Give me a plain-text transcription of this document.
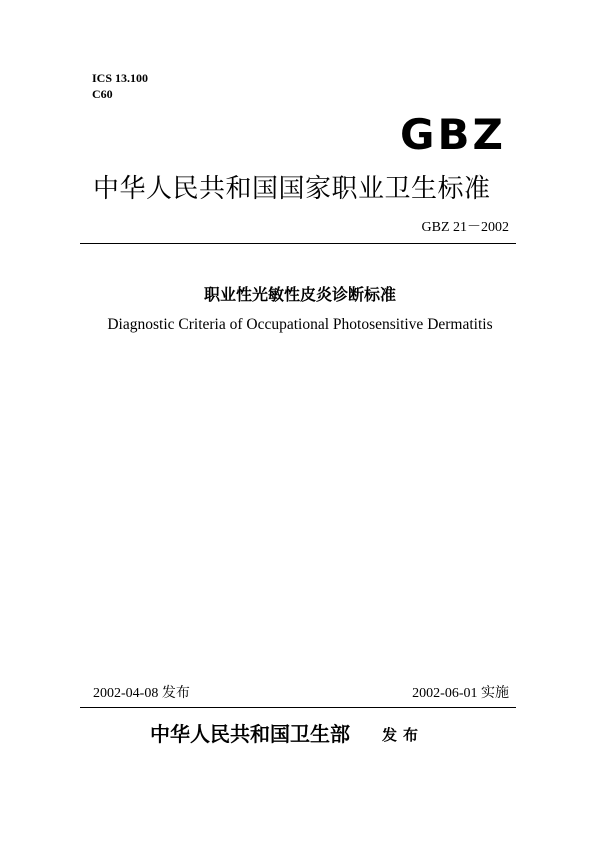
ICS 13.100
C60
GBZ
中华人民共和国国家职业卫生标准
GBZ 21－2002
职业性光敏性皮炎诊断标准
Diagnostic Criteria of Occupational Photosensitive Dermatitis
2002-04-08 发布	2002-06-01 实施
中华人民共和国卫生部 发布
